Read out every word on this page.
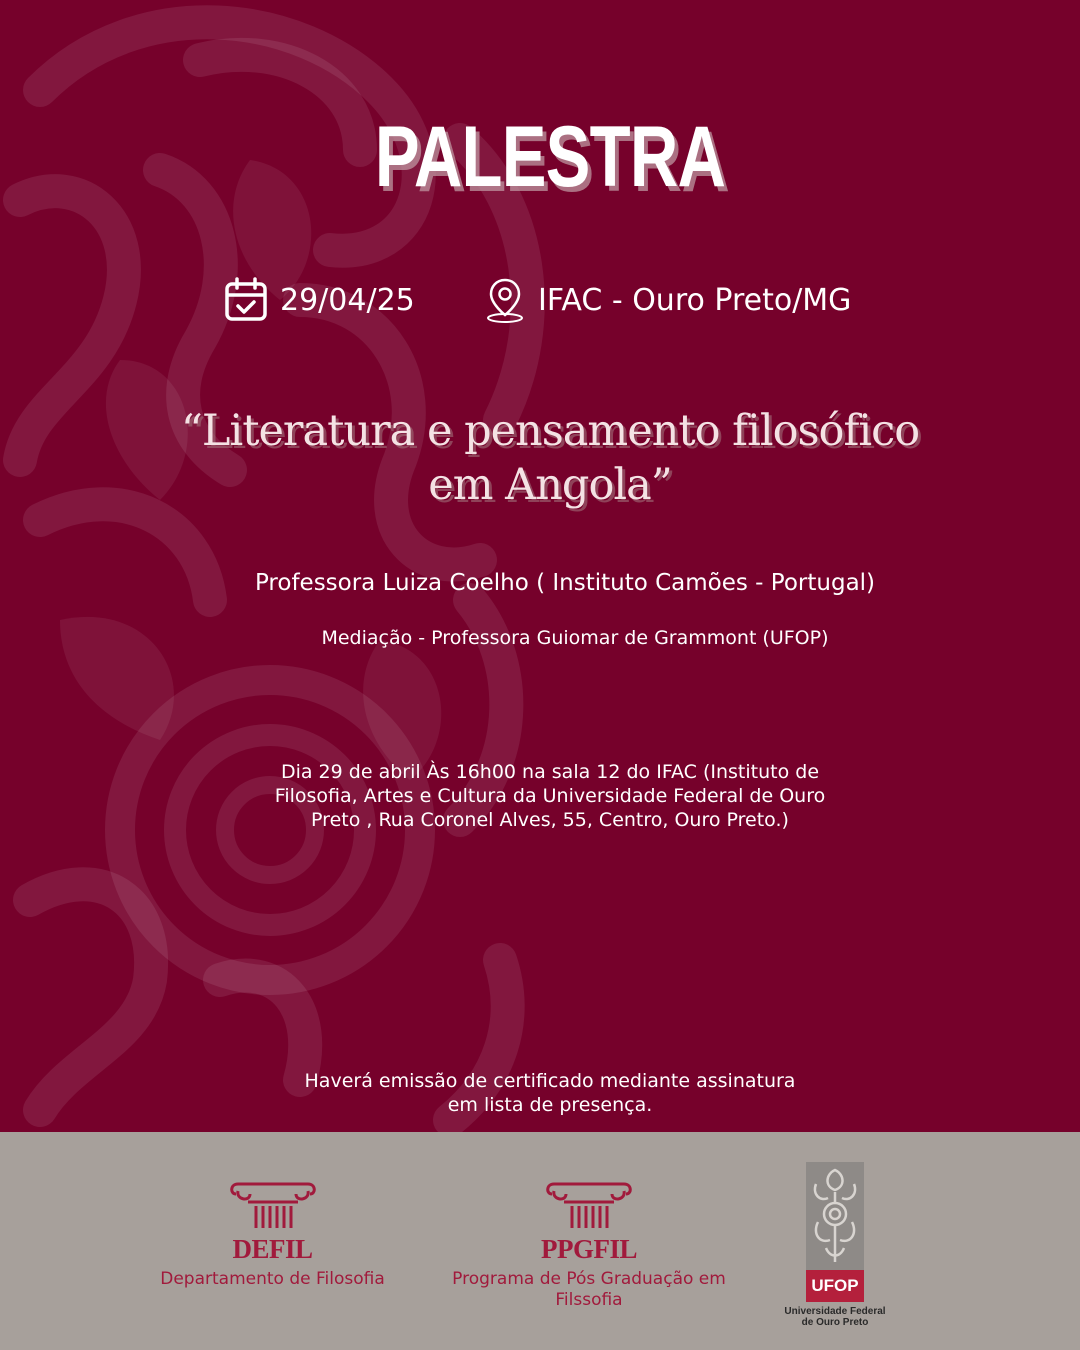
PALESTRA
29/04/25	IFAC - Ouro Preto/MG
“Literatura e pensamento filosófico
em Angola”
Professora Luiza Coelho ( Instituto Camões - Portugal)
Mediação - Professora Guiomar de Grammont (UFOP)
Dia 29 de abril Às 16h00 na sala 12 do IFAC (Instituto de
Filosofia, Artes e Cultura da Universidade Federal de Ouro
Preto , Rua Coronel Alves, 55, Centro, Ouro Preto.)
Haverá emissão de certificado mediante assinatura
em lista de presença.
DEFIL
Departamento de Filosofia
PPGFIL
Programa de Pós Graduação em
Filssofia
UFOP
Universidade Federal
de Ouro Preto
